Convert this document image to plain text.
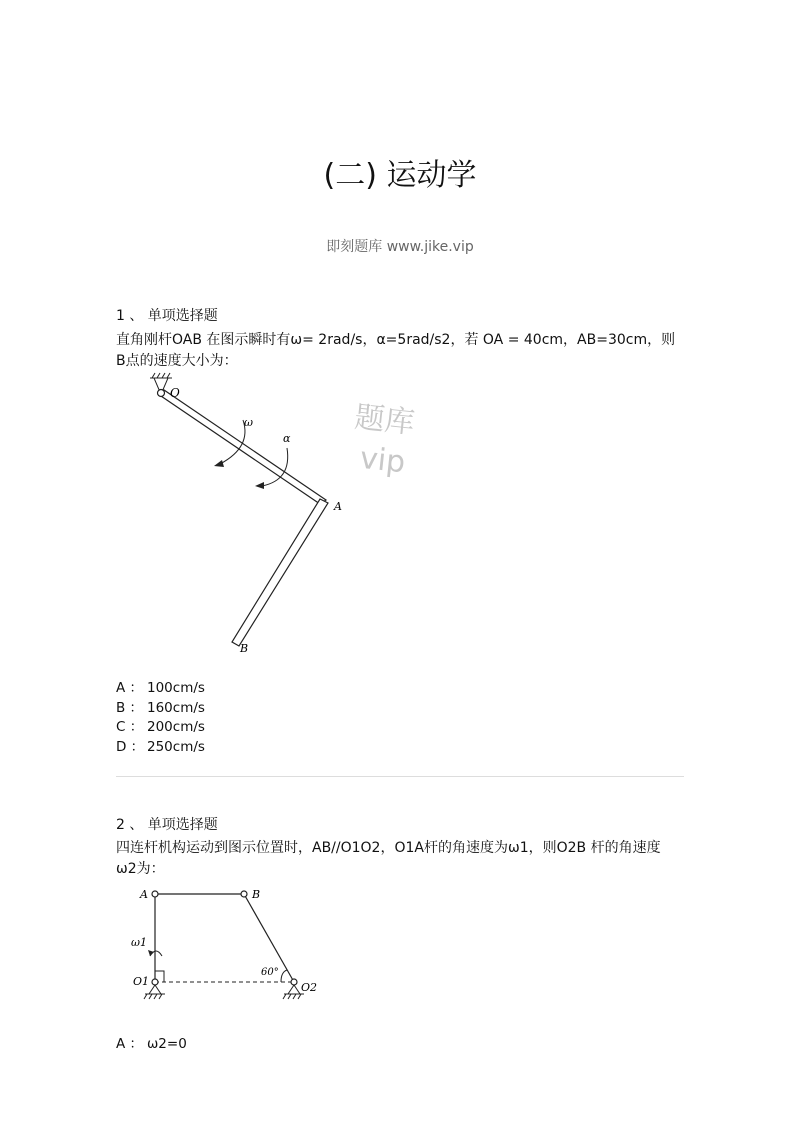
(二) 运动学
即刻题库 www.jike.vip
1 、 单项选择题
直角刚杆OAB 在图示瞬时有ω= 2rad/s，α=5rad/s2，若 OA = 40cm，AB=30cm，则B点的速度大小为：
O
ω
α
A
B
题库
vip
A ： 100cm/s
B ： 160cm/s
C ： 200cm/s
D ： 250cm/s
2 、 单项选择题
四连杆机构运动到图示位置时，AB//O1O2，O1A杆的角速度为ω1，则O2B 杆的角速度ω2为：
A	B
ω1
O1	O2
60°
A ： ω2=0
